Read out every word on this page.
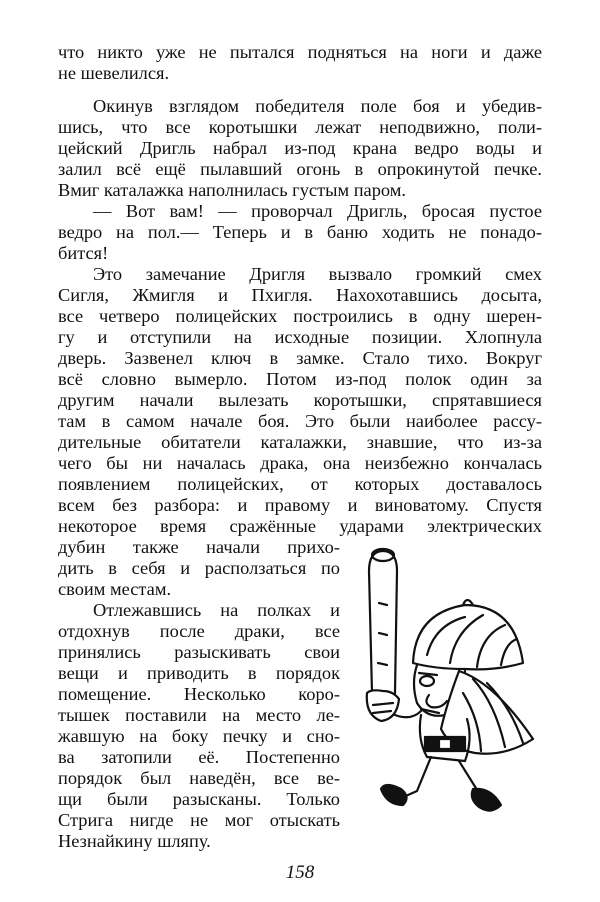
что никто уже не пытался подняться на ноги и даже

не шевелился.

Окинув взглядом победителя поле боя и убедив-

шись, что все коротышки лежат неподвижно, поли-

цейский Дригль набрал из-под крана ведро воды и

залил всё ещё пылавший огонь в опрокинутой печке.

Вмиг каталажка наполнилась густым паром.

— Вот вам! — проворчал Дригль, бросая пустое

ведро на пол.— Теперь и в баню ходить не понадо-

бится!

Это замечание Дригля вызвало громкий смех

Сигля, Жмигля и Пхигля. Нахохотавшись досыта,

все четверо полицейских построились в одну шерен-

гу и отступили на исходные позиции. Хлопнула

дверь. Зазвенел ключ в замке. Стало тихо. Вокруг

всё словно вымерло. Потом из-под полок один за

другим начали вылезать коротышки, спрятавшиеся

там в самом начале боя. Это были наиболее рассу-

дительные обитатели каталажки, знавшие, что из-за

чего бы ни началась драка, она неизбежно кончалась

появлением полицейских, от которых доставалось

всем без разбора: и правому и виноватому. Спустя

некоторое время сражённые ударами электрических

дубин также начали прихо-

дить в себя и расползаться по

своим местам.

Отлежавшись на полках и

отдохнув после драки, все

принялись разыскивать свои

вещи и приводить в порядок

помещение. Несколько коро-

тышек поставили на место ле-

жавшую на боку печку и сно-

ва затопили её. Постепенно

порядок был наведён, все ве-

щи были разысканы. Только

Стрига нигде не мог отыскать

Незнайкину шляпу.

158
